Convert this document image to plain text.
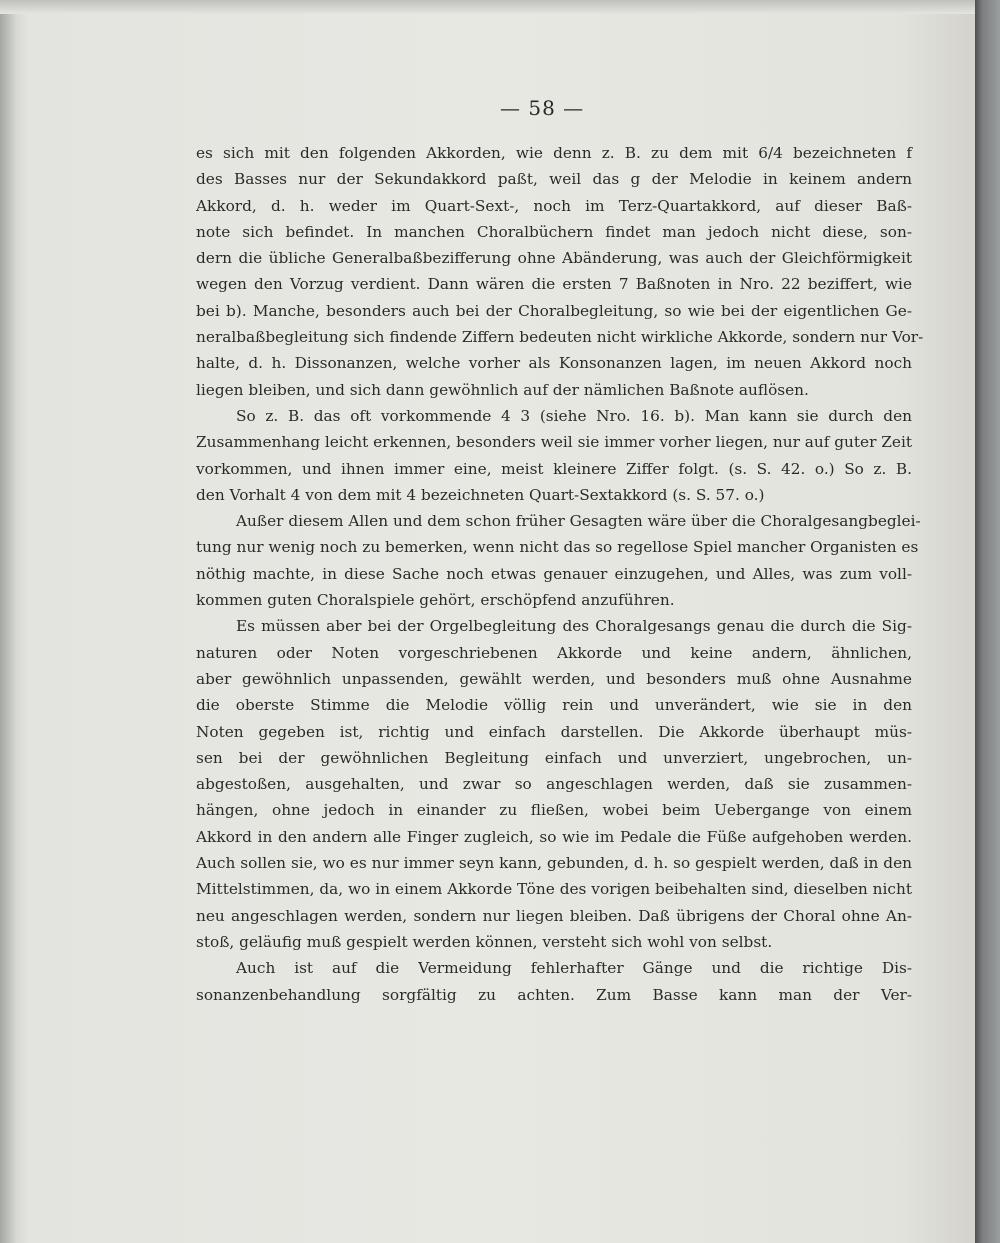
— 58 —
es sich mit den folgenden Akkorden, wie denn z. B. zu dem mit 6/4 bezeichneten f
des Basses nur der Sekundakkord paßt, weil das g der Melodie in keinem andern
Akkord, d. h. weder im Quart-Sext-, noch im Terz-Quartakkord, auf dieser Baß-
note sich befindet. In manchen Choralbüchern findet man jedoch nicht diese, son-
dern die übliche Generalbaßbezifferung ohne Abänderung, was auch der Gleichförmigkeit
wegen den Vorzug verdient. Dann wären die ersten 7 Baßnoten in Nro. 22 beziffert, wie
bei b). Manche, besonders auch bei der Choralbegleitung, so wie bei der eigentlichen Ge-
neralbaßbegleitung sich findende Ziffern bedeuten nicht wirkliche Akkorde, sondern nur Vor-
halte, d. h. Dissonanzen, welche vorher als Konsonanzen lagen, im neuen Akkord noch
liegen bleiben, und sich dann gewöhnlich auf der nämlichen Baßnote auflösen.
So z. B. das oft vorkommende 4 3 (siehe Nro. 16. b). Man kann sie durch den
Zusammenhang leicht erkennen, besonders weil sie immer vorher liegen, nur auf guter Zeit
vorkommen, und ihnen immer eine, meist kleinere Ziffer folgt. (s. S. 42. o.) So z. B.
den Vorhalt 4 von dem mit 4 bezeichneten Quart-Sextakkord (s. S. 57. o.)
Außer diesem Allen und dem schon früher Gesagten wäre über die Choralgesangbeglei-
tung nur wenig noch zu bemerken, wenn nicht das so regellose Spiel mancher Organisten es
nöthig machte, in diese Sache noch etwas genauer einzugehen, und Alles, was zum voll-
kommen guten Choralspiele gehört, erschöpfend anzuführen.
Es müssen aber bei der Orgelbegleitung des Choralgesangs genau die durch die Sig-
naturen oder Noten vorgeschriebenen Akkorde und keine andern, ähnlichen,
aber gewöhnlich unpassenden, gewählt werden, und besonders muß ohne Ausnahme
die oberste Stimme die Melodie völlig rein und unverändert, wie sie in den
Noten gegeben ist, richtig und einfach darstellen. Die Akkorde überhaupt müs-
sen bei der gewöhnlichen Begleitung einfach und unverziert, ungebrochen, un-
abgestoßen, ausgehalten, und zwar so angeschlagen werden, daß sie zusammen-
hängen, ohne jedoch in einander zu fließen, wobei beim Uebergange von einem
Akkord in den andern alle Finger zugleich, so wie im Pedale die Füße aufgehoben werden.
Auch sollen sie, wo es nur immer seyn kann, gebunden, d. h. so gespielt werden, daß in den
Mittelstimmen, da, wo in einem Akkorde Töne des vorigen beibehalten sind, dieselben nicht
neu angeschlagen werden, sondern nur liegen bleiben. Daß übrigens der Choral ohne An-
stoß, geläufig muß gespielt werden können, versteht sich wohl von selbst.
Auch ist auf die Vermeidung fehlerhafter Gänge und die richtige Dis-
sonanzenbehandlung sorgfältig zu achten. Zum Basse kann man der Ver-
